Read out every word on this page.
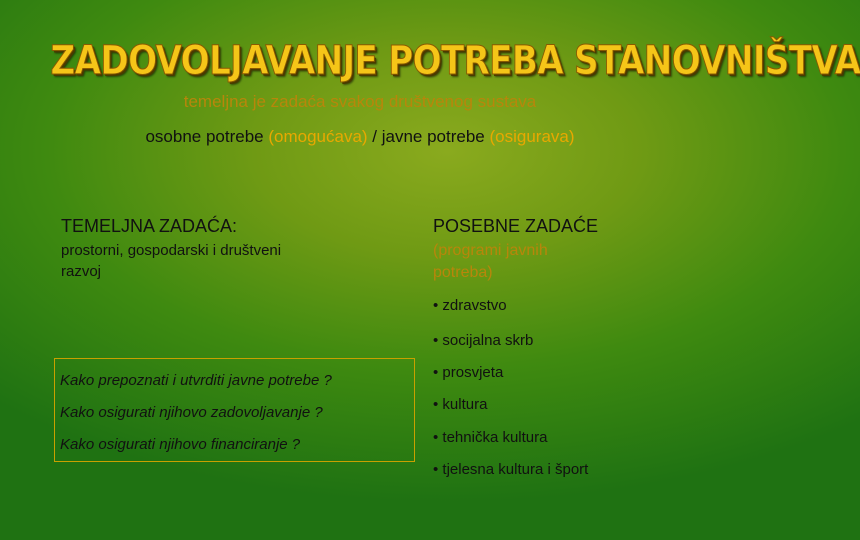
ZADOVOLJAVANJE POTREBA STANOVNIŠTVA
temeljna je zadaća svakog društvenog sustava
osobne potrebe (omogućava) / javne potrebe (osigurava)
TEMELJNA ZADAĆA:
prostorni, gospodarski i društveni razvoj
POSEBNE ZADAĆE
(programi javnih potreba)
• zdravstvo
• socijalna skrb
• prosvjeta
• kultura
• tehnička kultura
• tjelesna kultura i šport
Kako prepoznati i utvrditi javne potrebe ?
Kako osigurati njihovo zadovoljavanje ?
Kako osigurati njihovo financiranje ?
